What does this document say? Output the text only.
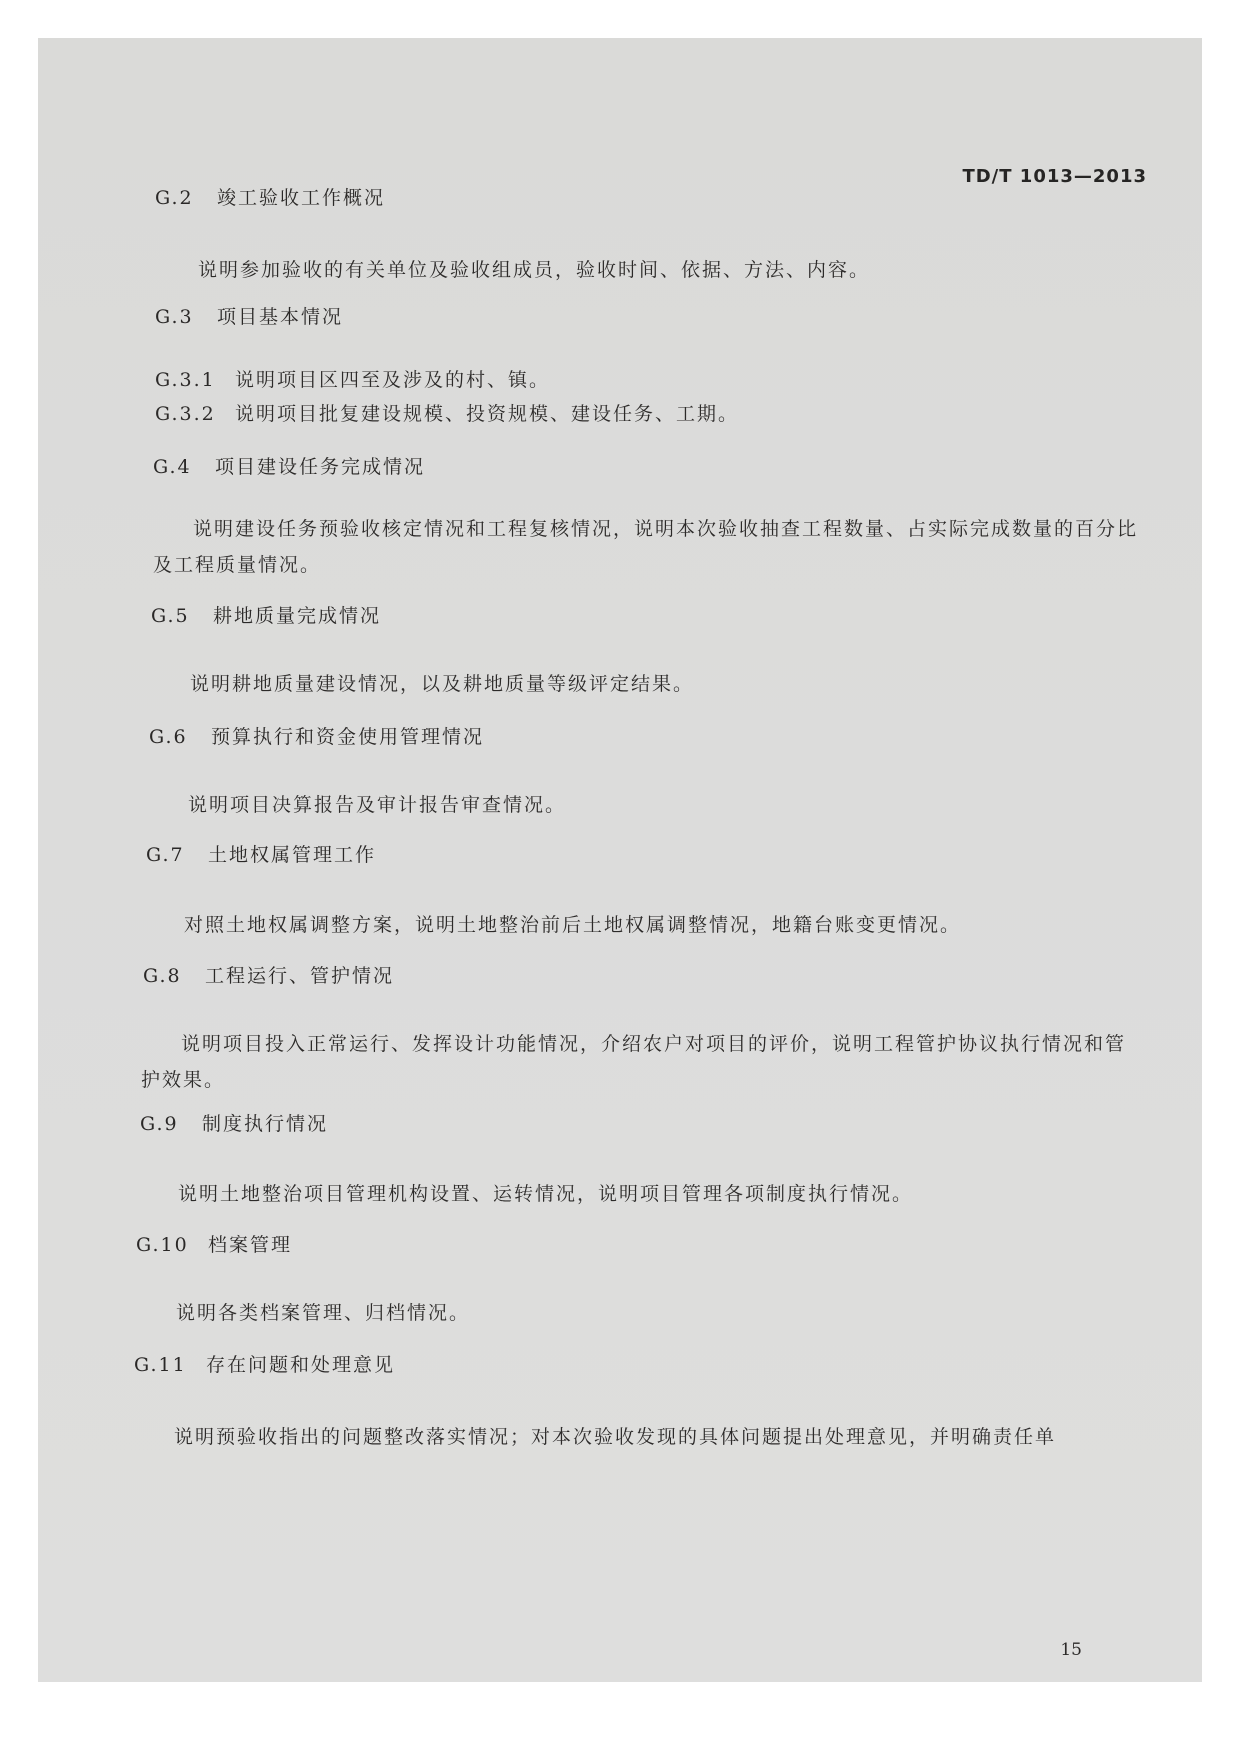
TD/T 1013—2013
G.2 竣工验收工作概况
说明参加验收的有关单位及验收组成员，验收时间、依据、方法、内容。
G.3 项目基本情况
G.3.1 说明项目区四至及涉及的村、镇。
G.3.2 说明项目批复建设规模、投资规模、建设任务、工期。
G.4 项目建设任务完成情况
说明建设任务预验收核定情况和工程复核情况，说明本次验收抽查工程数量、占实际完成数量的百分比及工程质量情况。
G.5 耕地质量完成情况
说明耕地质量建设情况，以及耕地质量等级评定结果。
G.6 预算执行和资金使用管理情况
说明项目决算报告及审计报告审查情况。
G.7 土地权属管理工作
对照土地权属调整方案，说明土地整治前后土地权属调整情况，地籍台账变更情况。
G.8 工程运行、管护情况
说明项目投入正常运行、发挥设计功能情况，介绍农户对项目的评价，说明工程管护协议执行情况和管护效果。
G.9 制度执行情况
说明土地整治项目管理机构设置、运转情况，说明项目管理各项制度执行情况。
G.10 档案管理
说明各类档案管理、归档情况。
G.11 存在问题和处理意见
说明预验收指出的问题整改落实情况；对本次验收发现的具体问题提出处理意见，并明确责任单
15
